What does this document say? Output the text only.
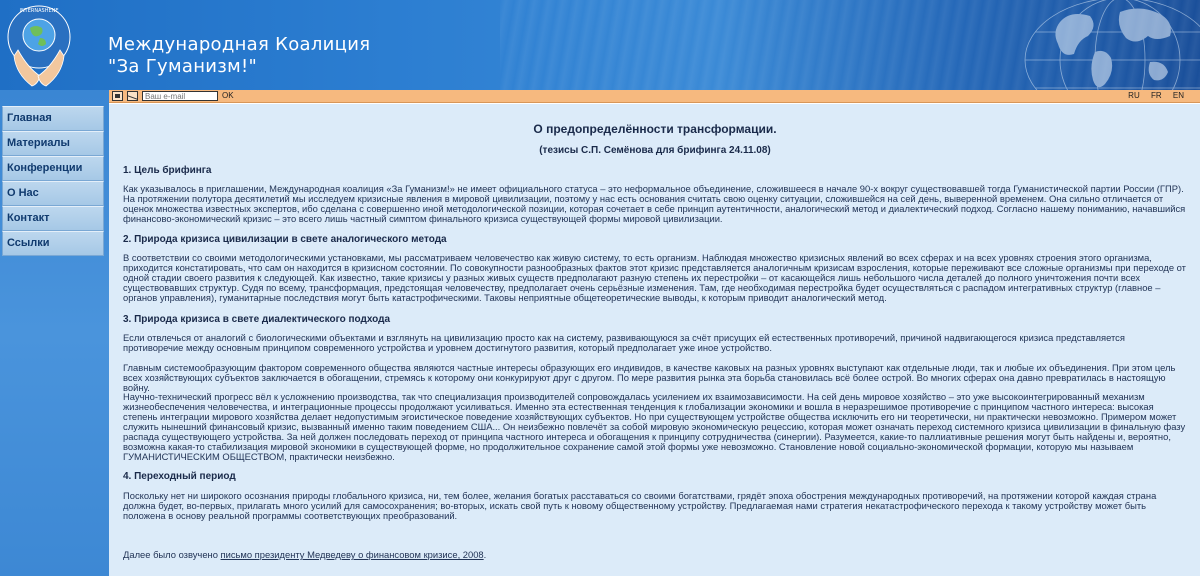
INTERNASHENE
Международная Коалиция
"За Гуманизм!"
Ваш e-mail
OK	RU FR EN
Главная
Материалы
Конференции
О Нас
Контакт
Ссылки
О предопределённости трансформации.
(тезисы С.П. Семёнова для брифинга 24.11.08)
1. Цель брифинга
Как указывалось в приглашении, Международная коалиция «За Гуманизм!» не имеет официального статуса – это неформальное объединение, сложившееся в начале 90-х вокруг существовавшей тогда Гуманистической партии России (ГПР). На протяжении полутора десятилетий мы исследуем кризисные явления в мировой цивилизации, поэтому у нас есть основания считать свою оценку ситуации, сложившейся на сей день, выверенной временем. Она сильно отличается от оценок множества известных экспертов, ибо сделана с совершенно иной методологической позиции, которая сочетает в себе принцип аутентичности, аналогический метод и диалектический подход. Согласно нашему пониманию, начавшийся финансово-экономический кризис – это всего лишь частный симптом финального кризиса существующей формы мировой цивилизации.
2. Природа кризиса цивилизации в свете аналогического метода
В соответствии со своими методологическими установками, мы рассматриваем человечество как живую систему, то есть организм. Наблюдая множество кризисных явлений во всех сферах и на всех уровнях строения этого организма, приходится констатировать, что сам он находится в кризисном состоянии. По совокупности разнообразных фактов этот кризис представляется аналогичным кризисам взросления, которые переживают все сложные организмы при переходе от одной стадии своего развития к следующей. Как известно, такие кризисы у разных живых существ предполагают разную степень их перестройки – от касающейся лишь небольшого числа деталей до полного уничтожения почти всех существовавших структур. Судя по всему, трансформация, предстоящая человечеству, предполагает очень серьёзные изменения. Там, где необходимая перестройка будет осуществляться с распадом интегративных структур (главное – органов управления), гуманитарные последствия могут быть катастрофическими. Таковы неприятные общетеоретические выводы, к которым приводит аналогический метод.
3. Природа кризиса в свете диалектического подхода
Если отвлечься от аналогий с биологическими объектами и взглянуть на цивилизацию просто как на систему, развивающуюся за счёт присущих ей естественных противоречий, причиной надвигающегося кризиса представляется противоречие между основным принципом современного устройства и уровнем достигнутого развития, который предполагает уже иное устройство.
Главным системообразующим фактором современного общества являются частные интересы образующих его индивидов, в качестве каковых на разных уровнях выступают как отдельные люди, так и любые их объединения. При этом цель всех хозяйствующих субъектов заключается в обогащении, стремясь к которому они конкурируют друг с другом. По мере развития рынка эта борьба становилась всё более острой. Во многих сферах она давно превратилась в настоящую войну.
Научно-технический прогресс вёл к усложнению производства, так что специализация производителей сопровождалась усилением их взаимозависимости. На сей день мировое хозяйство – это уже высокоинтегрированный механизм жизнеобеспечения человечества, и интеграционные процессы продолжают усиливаться. Именно эта естественная тенденция к глобализации экономики и вошла в неразрешимое противоречие с принципом частного интереса: высокая степень интеграции мирового хозяйства делает недопустимым эгоистическое поведение хозяйствующих субъектов. Но при существующем устройстве общества исключить его ни теоретически, ни практически невозможно. Примером может служить нынешний финансовый кризис, вызванный именно таким поведением США... Он неизбежно повлечёт за собой мировую экономическую рецессию, которая может означать переход системного кризиса цивилизации в финальную фазу распада существующего устройства. За ней должен последовать переход от принципа частного интереса и обогащения к принципу сотрудничества (синергии). Разумеется, какие-то паллиативные решения могут быть найдены и, вероятно, возможна какая-то стабилизация мировой экономики в существующей форме, но продолжительное сохранение самой этой формы уже невозможно. Становление новой социально-экономической формации, которую мы называем ГУМАНИСТИЧЕСКИМ ОБЩЕСТВОМ, практически неизбежно.
4. Переходный период
Поскольку нет ни широкого осознания природы глобального кризиса, ни, тем более, желания богатых расставаться со своими богатствами, грядёт эпоха обострения международных противоречий, на протяжении которой каждая страна должна будет, во-первых, прилагать много усилий для самосохранения; во-вторых, искать свой путь к новому общественному устройству. Предлагаемая нами стратегия некатастрофического перехода к такому устройству может быть положена в основу реальной программы соответствующих преобразований.
Далее было озвучено письмо президенту Медведеву о финансовом кризисе, 2008.
